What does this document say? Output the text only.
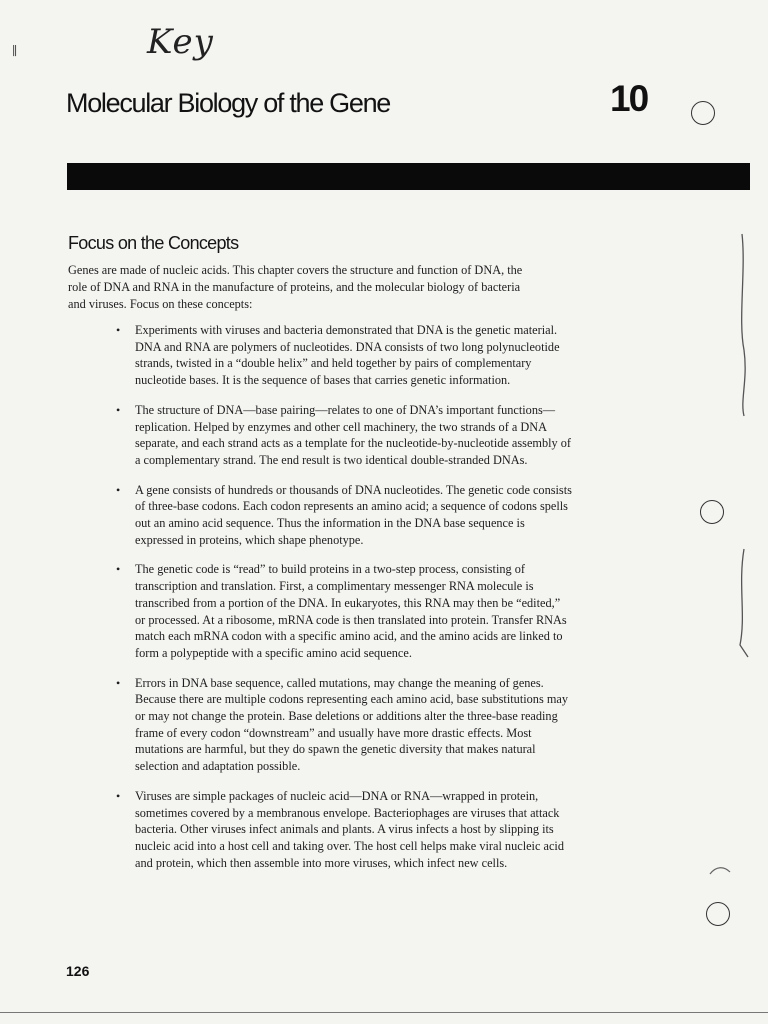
Key
∥
Molecular Biology of the Gene	10
Focus on the Concepts

Genes are made of nucleic acids. This chapter covers the structure and function of DNA, the role of DNA and RNA in the manufacture of proteins, and the molecular biology of bacteria and viruses. Focus on these concepts:

• Experiments with viruses and bacteria demonstrated that DNA is the genetic material. DNA and RNA are polymers of nucleotides. DNA consists of two long polynucleotide strands, twisted in a “double helix” and held together by pairs of complementary nucleotide bases. It is the sequence of bases that carries genetic information.
• The structure of DNA—base pairing—relates to one of DNA’s important functions—replication. Helped by enzymes and other cell machinery, the two strands of a DNA separate, and each strand acts as a template for the nucleotide-by-nucleotide assembly of a complementary strand. The end result is two identical double-stranded DNAs.
• A gene consists of hundreds or thousands of DNA nucleotides. The genetic code consists of three-base codons. Each codon represents an amino acid; a sequence of codons spells out an amino acid sequence. Thus the information in the DNA base sequence is expressed in proteins, which shape phenotype.
• The genetic code is “read” to build proteins in a two-step process, consisting of transcription and translation. First, a complimentary messenger RNA molecule is transcribed from a portion of the DNA. In eukaryotes, this RNA may then be “edited,” or processed. At a ribosome, mRNA code is then translated into protein. Transfer RNAs match each mRNA codon with a specific amino acid, and the amino acids are linked to form a polypeptide with a specific amino acid sequence.
• Errors in DNA base sequence, called mutations, may change the meaning of genes. Because there are multiple codons representing each amino acid, base substitutions may or may not change the protein. Base deletions or additions alter the three-base reading frame of every codon “downstream” and usually have more drastic effects. Most mutations are harmful, but they do spawn the genetic diversity that makes natural selection and adaptation possible.
• Viruses are simple packages of nucleic acid—DNA or RNA—wrapped in protein, sometimes covered by a membranous envelope. Bacteriophages are viruses that attack bacteria. Other viruses infect animals and plants. A virus infects a host by slipping its nucleic acid into a host cell and taking over. The host cell helps make viral nucleic acid and protein, which then assemble into more viruses, which infect new cells.
126
